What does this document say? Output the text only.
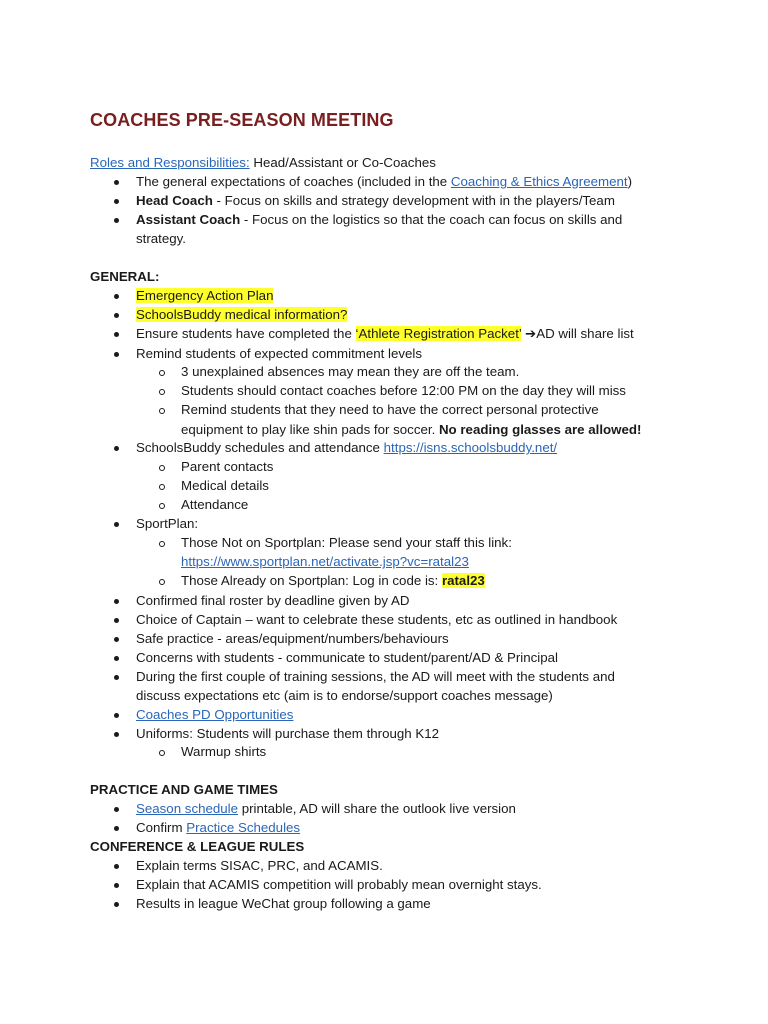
COACHES PRE-SEASON MEETING
Roles and Responsibilities: Head/Assistant or Co-Coaches
The general expectations of coaches (included in the Coaching & Ethics Agreement)
Head Coach - Focus on skills and strategy development with in the players/Team
Assistant Coach - Focus on the logistics so that the coach can focus on skills and
strategy.
GENERAL:
Emergency Action Plan
SchoolsBuddy medical information?
Ensure students have completed the ‘Athlete Registration Packet’ ➔AD will share list
Remind students of expected commitment levels
3 unexplained absences may mean they are off the team.
Students should contact coaches before 12:00 PM on the day they will miss
Remind students that they need to have the correct personal protective
equipment to play like shin pads for soccer. No reading glasses are allowed!
SchoolsBuddy schedules and attendance https://isns.schoolsbuddy.net/
Parent contacts
Medical details
Attendance
SportPlan:
Those Not on Sportplan: Please send your staff this link:
https://www.sportplan.net/activate.jsp?vc=ratal23
Those Already on Sportplan: Log in code is: ratal23
Confirmed final roster by deadline given by AD
Choice of Captain – want to celebrate these students, etc as outlined in handbook
Safe practice - areas/equipment/numbers/behaviours
Concerns with students - communicate to student/parent/AD & Principal
During the first couple of training sessions, the AD will meet with the students and
discuss expectations etc (aim is to endorse/support coaches message)
Coaches PD Opportunities
Uniforms: Students will purchase them through K12
Warmup shirts
PRACTICE AND GAME TIMES
Season schedule printable, AD will share the outlook live version
Confirm Practice Schedules
CONFERENCE & LEAGUE RULES
Explain terms SISAC, PRC, and ACAMIS.
Explain that ACAMIS competition will probably mean overnight stays.
Results in league WeChat group following a game
